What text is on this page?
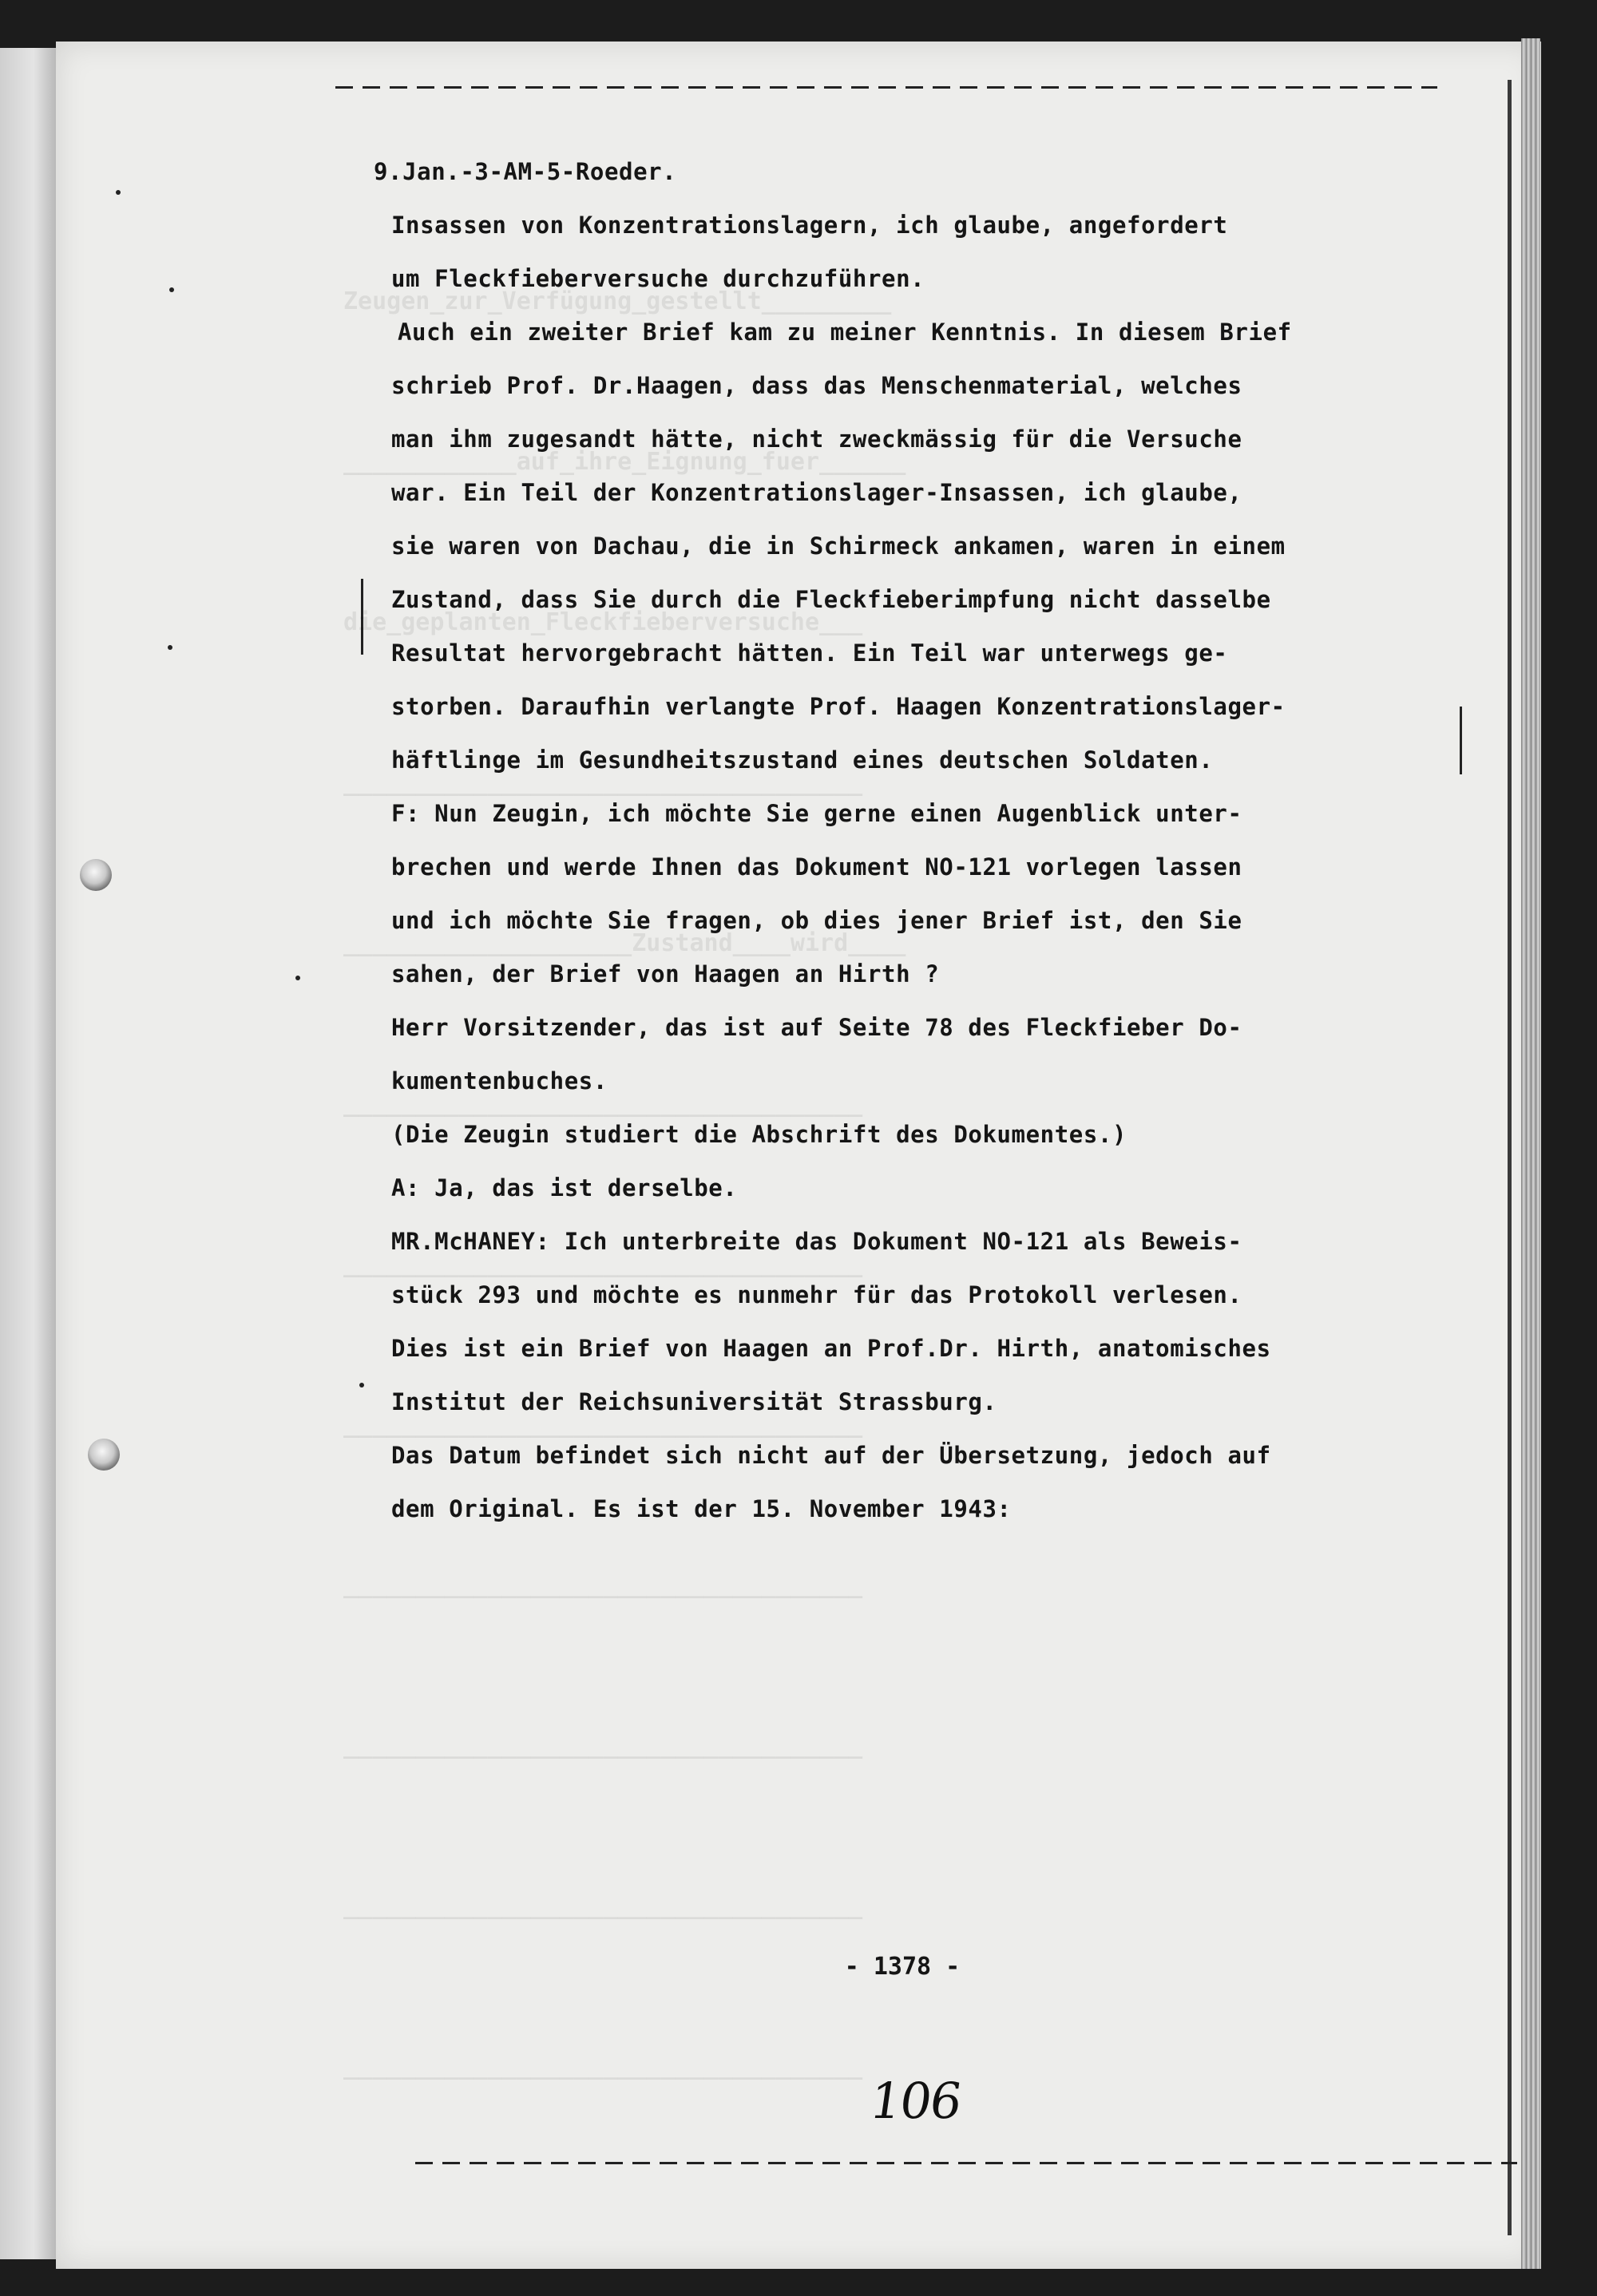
Zeugen_zur_Verfügung_gestellt_________

____________auf_ihre_Eignung_fuer______

die_geplanten_Fleckfieberversuche___

____________________________________

____________________Zustand____wird____

____________________________________

____________________________________

____________________________________

____________________________________

____________________________________

____________________________________

____________________________________

9.Jan.-3-AM-5-Roeder.
Insassen von Konzentrationslagern, ich glaube, angefordert
um Fleckfieberversuche durchzuführen.
Auch ein zweiter Brief kam zu meiner Kenntnis. In diesem Brief
schrieb Prof. Dr.Haagen, dass das Menschenmaterial, welches
man ihm zugesandt hätte, nicht zweckmässig für die Versuche
war. Ein Teil der Konzentrationslager-Insassen, ich glaube,
sie waren von Dachau, die in Schirmeck ankamen, waren in einem
Zustand, dass Sie durch die Fleckfieberimpfung nicht dasselbe
Resultat hervorgebracht hätten. Ein Teil war unterwegs ge-
storben. Daraufhin verlangte Prof. Haagen Konzentrationslager-
häftlinge im Gesundheitszustand eines deutschen Soldaten.
F: Nun Zeugin, ich möchte Sie gerne einen Augenblick unter-
brechen und werde Ihnen das Dokument NO-121 vorlegen lassen
und ich möchte Sie fragen, ob dies jener Brief ist, den Sie
sahen, der Brief von Haagen an Hirth ?
Herr Vorsitzender, das ist auf Seite 78 des Fleckfieber Do-
kumentenbuches.
(Die Zeugin studiert die Abschrift des Dokumentes.)
A: Ja, das ist derselbe.
MR.McHANEY: Ich unterbreite das Dokument NO-121 als Beweis-
stück 293 und möchte es nunmehr für das Protokoll verlesen.
Dies ist ein Brief von Haagen an Prof.Dr. Hirth, anatomisches
Institut der Reichsuniversität Strassburg.
Das Datum befindet sich nicht auf der Übersetzung, jedoch auf
dem Original. Es ist der 15. November 1943:
- 1378 -
106
